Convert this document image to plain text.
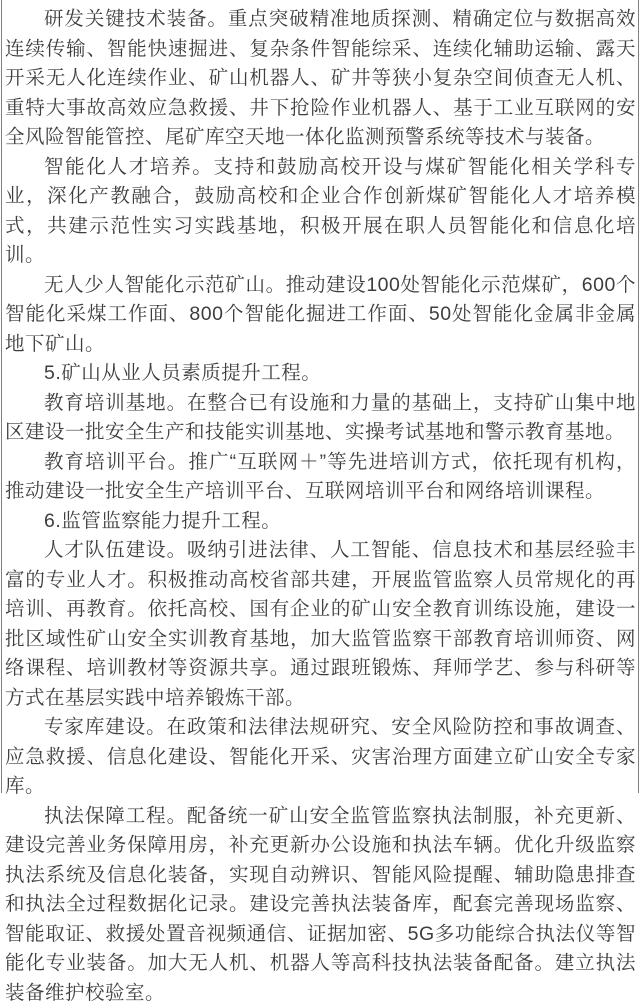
研发关键技术装备。重点突破精准地质探测、精确定位与数据高效连续传输、智能快速掘进、复杂条件智能综采、连续化辅助运输、露天开采无人化连续作业、矿山机器人、矿井等狭小复杂空间侦查无人机、重特大事故高效应急救援、井下抢险作业机器人、基于工业互联网的安全风险智能管控、尾矿库空天地一体化监测预警系统等技术与装备。

智能化人才培养。支持和鼓励高校开设与煤矿智能化相关学科专业，深化产教融合，鼓励高校和企业合作创新煤矿智能化人才培养模式，共建示范性实习实践基地，积极开展在职人员智能化和信息化培训。

无人少人智能化示范矿山。推动建设100处智能化示范煤矿，600个智能化采煤工作面、800个智能化掘进工作面、50处智能化金属非金属地下矿山。

5.矿山从业人员素质提升工程。

教育培训基地。在整合已有设施和力量的基础上，支持矿山集中地区建设一批安全生产和技能实训基地、实操考试基地和警示教育基地。

教育培训平台。推广“互联网＋”等先进培训方式，依托现有机构，推动建设一批安全生产培训平台、互联网培训平台和网络培训课程。

6.监管监察能力提升工程。

人才队伍建设。吸纳引进法律、人工智能、信息技术和基层经验丰富的专业人才。积极推动高校省部共建，开展监管监察人员常规化的再培训、再教育。依托高校、国有企业的矿山安全教育训练设施，建设一批区域性矿山安全实训教育基地，加大监管监察干部教育培训师资、网络课程、培训教材等资源共享。通过跟班锻炼、拜师学艺、参与科研等方式在基层实践中培养锻炼干部。

专家库建设。在政策和法律法规研究、安全风险防控和事故调查、应急救援、信息化建设、智能化开采、灾害治理方面建立矿山安全专家库。

执法保障工程。配备统一矿山安全监管监察执法制服，补充更新、建设完善业务保障用房，补充更新办公设施和执法车辆。优化升级监察执法系统及信息化装备，实现自动辨识、智能风险提醒、辅助隐患排查和执法全过程数据化记录。建设完善执法装备库，配套完善现场监察、智能取证、救援处置音视频通信、证据加密、5G多功能综合执法仪等智能化专业装备。加大无人机、机器人等高科技执法装备配备。建立执法装备维护校验室。
